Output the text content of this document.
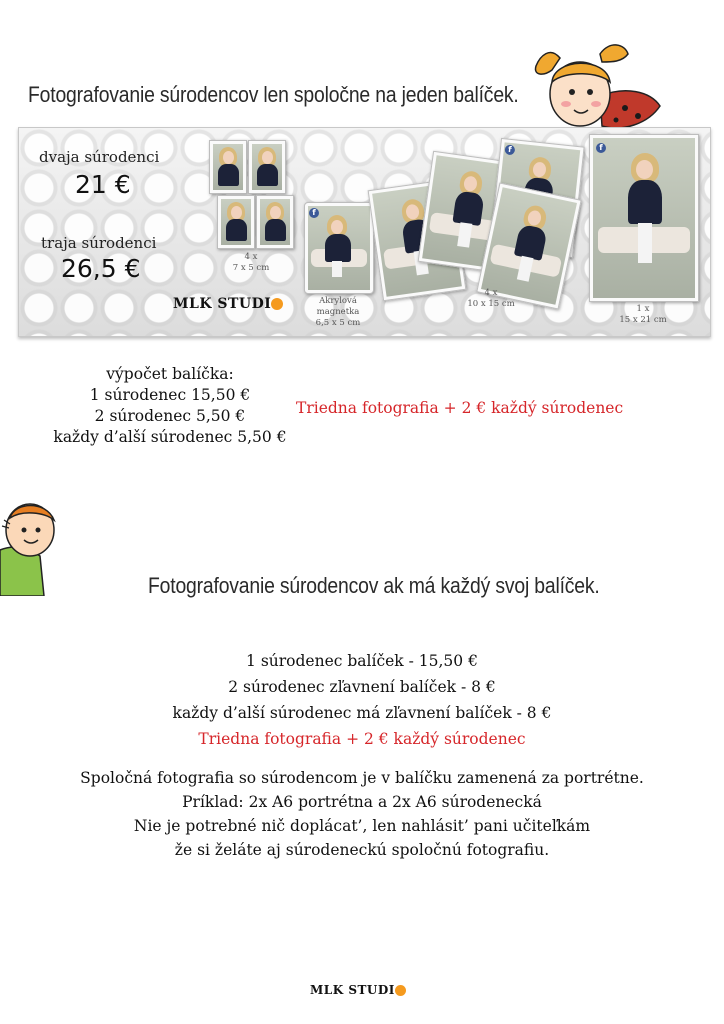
Fotografovanie súrodencov len spoločne na jeden balíček.
dvaja súrodenci
21 €
traja súrodenci
26,5 €
MLK STUDI
4 x
7 x 5 cm
f
Akrylová
magnetka
6,5 x 5 cm
f
4 x
10 x 15 cm
f
1 x
15 x 21 cm
výpočet balíčka:
1 súrodenec 15,50 €
2 súrodenec 5,50 €
každy d’alší súrodenec 5,50 €
Triedna fotografia + 2 € každý súrodenec
Fotografovanie súrodencov ak má každý svoj balíček.
1 súrodenec balíček - 15,50 €
2 súrodenec zľavnení balíček - 8 €
každy d’alší súrodenec má zľavnení balíček - 8 €
Triedna fotografia + 2 € každý súrodenec
Spoločná fotografia so súrodencom je v balíčku zamenená za portrétne.
Príklad: 2x A6 portrétna a 2x A6 súrodenecká
Nie je potrebné nič doplácat’, len nahlásit’ pani učiteľkám
že si želáte aj súrodeneckú spoločnú fotografiu.
MLK STUDI
